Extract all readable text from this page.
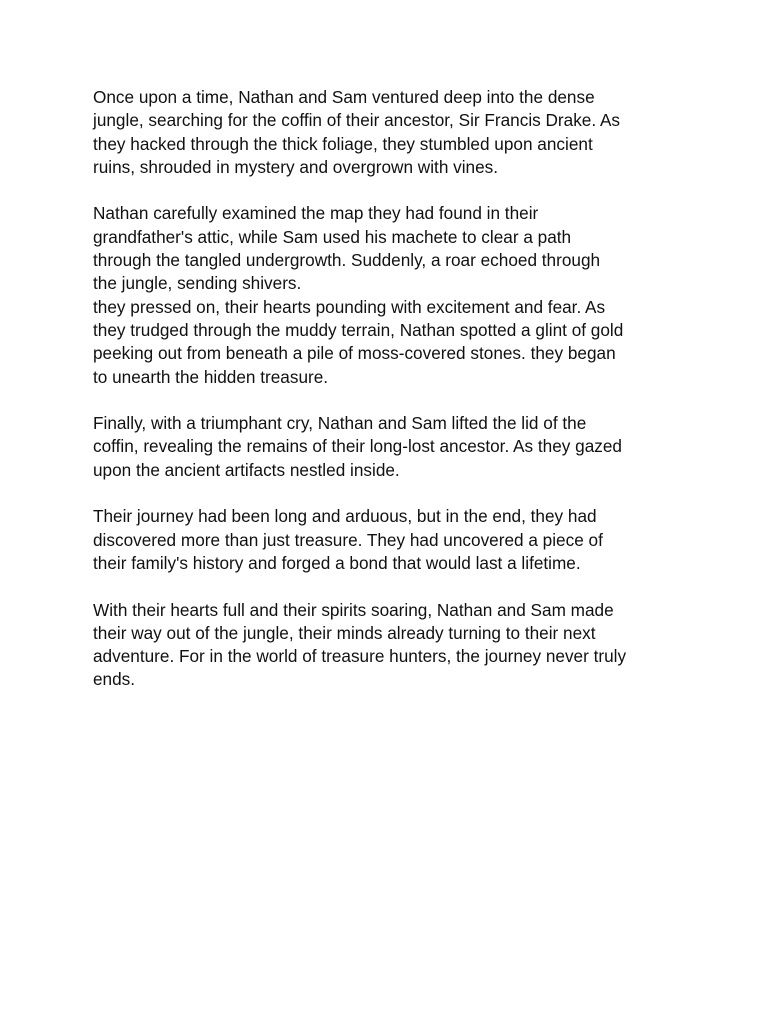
Once upon a time, Nathan and Sam ventured deep into the dense
jungle, searching for the coffin of their ancestor, Sir Francis Drake. As
they hacked through the thick foliage, they stumbled upon ancient
ruins, shrouded in mystery and overgrown with vines.

Nathan carefully examined the map they had found in their
grandfather's attic, while Sam used his machete to clear a path
through the tangled undergrowth. Suddenly, a roar echoed through
the jungle, sending shivers.
they pressed on, their hearts pounding with excitement and fear. As
they trudged through the muddy terrain, Nathan spotted a glint of gold
peeking out from beneath a pile of moss-covered stones. they began
to unearth the hidden treasure.

Finally, with a triumphant cry, Nathan and Sam lifted the lid of the
coffin, revealing the remains of their long-lost ancestor. As they gazed
upon the ancient artifacts nestled inside.

Their journey had been long and arduous, but in the end, they had
discovered more than just treasure. They had uncovered a piece of
their family's history and forged a bond that would last a lifetime.

With their hearts full and their spirits soaring, Nathan and Sam made
their way out of the jungle, their minds already turning to their next
adventure. For in the world of treasure hunters, the journey never truly
ends.
